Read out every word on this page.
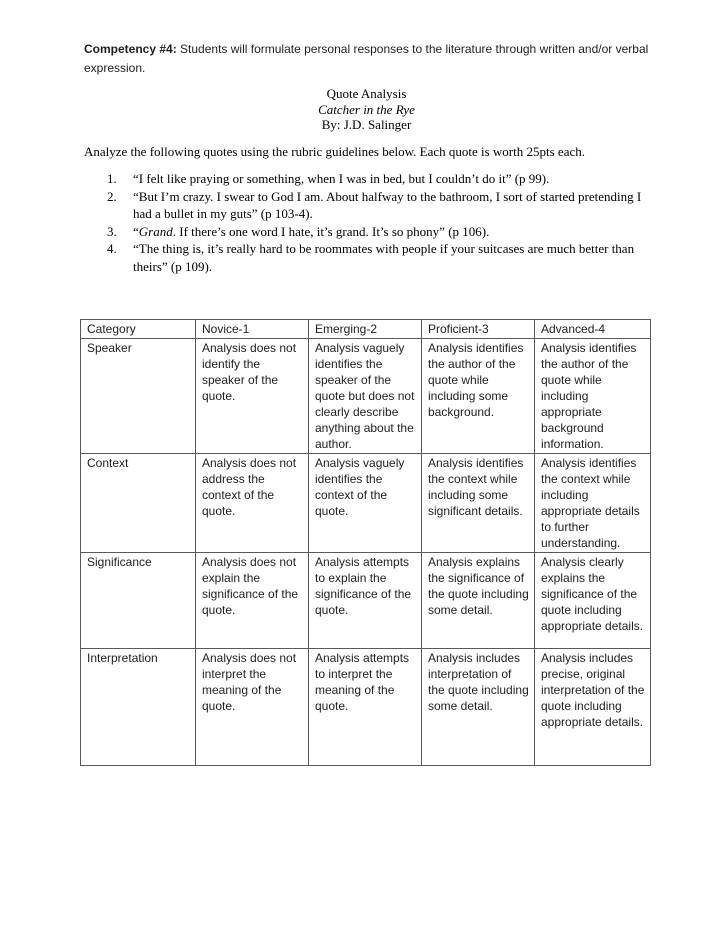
Competency #4: Students will formulate personal responses to the literature through written and/or verbal expression.

Quote Analysis
Catcher in the Rye
By: J.D. Salinger

Analyze the following quotes using the rubric guidelines below. Each quote is worth 25pts each.

1.	“I felt like praying or something, when I was in bed, but I couldn’t do it” (p 99).
2.	“But I’m crazy. I swear to God I am. About halfway to the bathroom, I sort of started pretending I had a bullet in my guts” (p 103-4).
3.	“Grand. If there’s one word I hate, it’s grand. It’s so phony” (p 106).
4.	“The thing is, it’s really hard to be roommates with people if your suitcases are much better than theirs” (p 109).
Category	Novice-1	Emerging-2	Proficient-3	Advanced-4
Speaker	Analysis does not identify the speaker of the quote.	Analysis vaguely identifies the speaker of the quote but does not clearly describe anything about the author.	Analysis identifies the author of the quote while including some background.	Analysis identifies the author of the quote while including appropriate background information.
Context	Analysis does not address the context of the quote.	Analysis vaguely identifies the context of the quote.	Analysis identifies the context while including some significant details.	Analysis identifies the context while including appropriate details to further understanding.
Significance	Analysis does not explain the significance of the quote.	Analysis attempts to explain the significance of the quote.	Analysis explains the significance of the quote including some detail.	Analysis clearly explains the significance of the quote including appropriate details.
Interpretation	Analysis does not interpret the meaning of the quote.	Analysis attempts to interpret the meaning of the quote.	Analysis includes interpretation of the quote including some detail.	Analysis includes precise, original interpretation of the quote including appropriate details.
